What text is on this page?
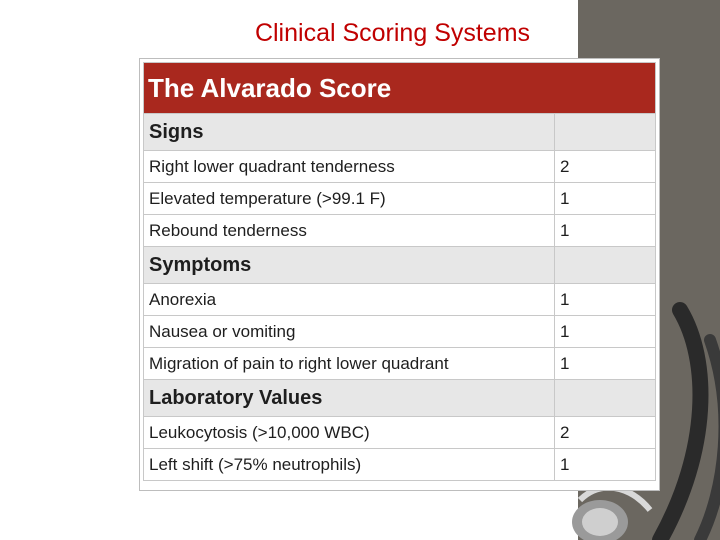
Clinical Scoring Systems
The Alvarado Score	
Signs	
Right lower quadrant tenderness	2
Elevated temperature (>99.1 F)	1
Rebound tenderness	1
Symptoms	
Anorexia	1
Nausea or vomiting	1
Migration of pain to right lower quadrant	1
Laboratory Values	
Leukocytosis (>10,000 WBC)	2
Left shift (>75% neutrophils)	1
